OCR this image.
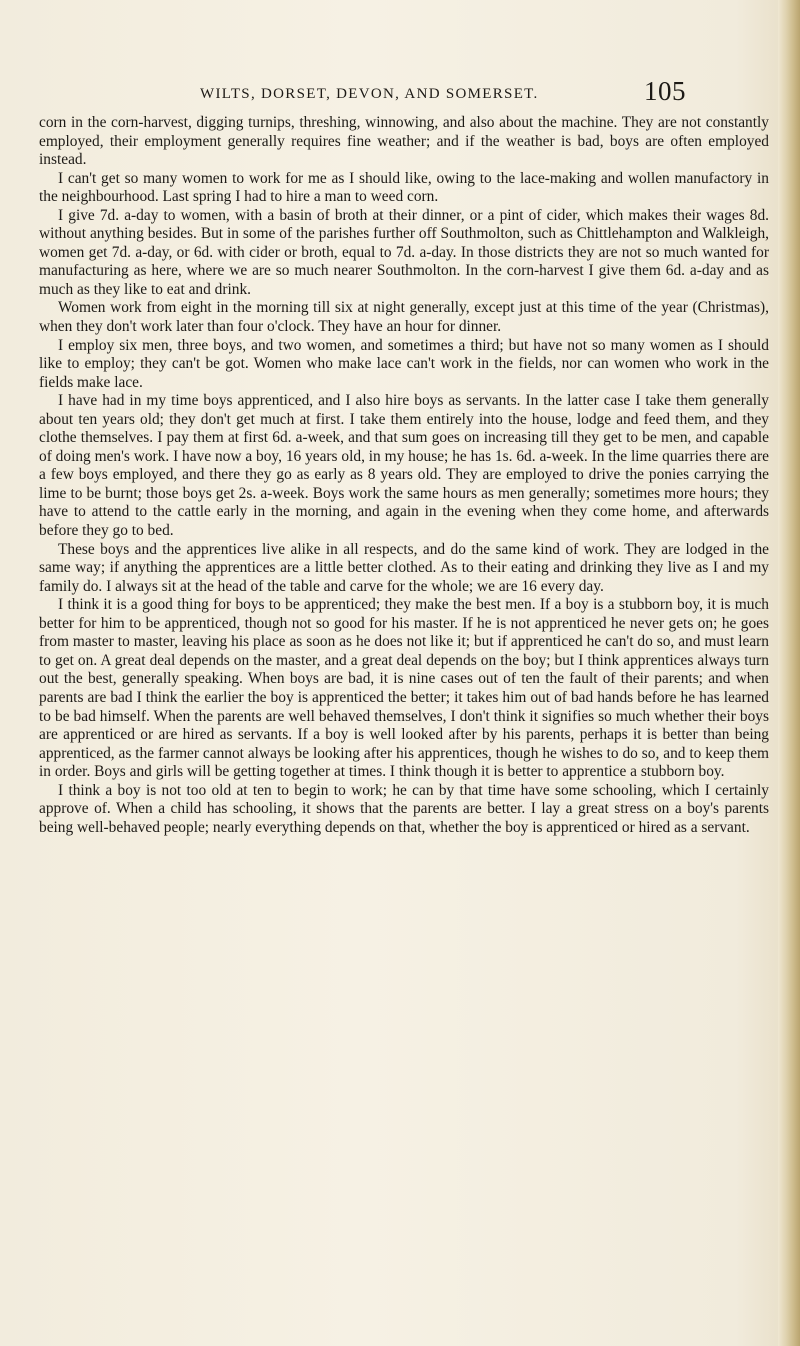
WILTS, DORSET, DEVON, AND SOMERSET.	105

corn in the corn-harvest, digging turnips, threshing, winnowing, and also about the machine. They are not constantly employed, their employment generally requires fine weather; and if the weather is bad, boys are often employed instead.

I can't get so many women to work for me as I should like, owing to the lace-making and wollen manufactory in the neighbourhood. Last spring I had to hire a man to weed corn.

I give 7d. a-day to women, with a basin of broth at their dinner, or a pint of cider, which makes their wages 8d. without anything besides. But in some of the parishes further off Southmolton, such as Chittlehampton and Walkleigh, women get 7d. a-day, or 6d. with cider or broth, equal to 7d. a-day. In those districts they are not so much wanted for manufacturing as here, where we are so much nearer Southmolton. In the corn-harvest I give them 6d. a-day and as much as they like to eat and drink.

Women work from eight in the morning till six at night generally, except just at this time of the year (Christmas), when they don't work later than four o'clock. They have an hour for dinner.

I employ six men, three boys, and two women, and sometimes a third; but have not so many women as I should like to employ; they can't be got. Women who make lace can't work in the fields, nor can women who work in the fields make lace.

I have had in my time boys apprenticed, and I also hire boys as servants. In the latter case I take them generally about ten years old; they don't get much at first. I take them entirely into the house, lodge and feed them, and they clothe themselves. I pay them at first 6d. a-week, and that sum goes on increasing till they get to be men, and capable of doing men's work. I have now a boy, 16 years old, in my house; he has 1s. 6d. a-week. In the lime quarries there are a few boys employed, and there they go as early as 8 years old. They are employed to drive the ponies carrying the lime to be burnt; those boys get 2s. a-week. Boys work the same hours as men generally; sometimes more hours; they have to attend to the cattle early in the morning, and again in the evening when they come home, and afterwards before they go to bed.

These boys and the apprentices live alike in all respects, and do the same kind of work. They are lodged in the same way; if anything the apprentices are a little better clothed. As to their eating and drinking they live as I and my family do. I always sit at the head of the table and carve for the whole; we are 16 every day.

I think it is a good thing for boys to be apprenticed; they make the best men. If a boy is a stubborn boy, it is much better for him to be apprenticed, though not so good for his master. If he is not apprenticed he never gets on; he goes from master to master, leaving his place as soon as he does not like it; but if apprenticed he can't do so, and must learn to get on. A great deal depends on the master, and a great deal depends on the boy; but I think apprentices always turn out the best, generally speaking. When boys are bad, it is nine cases out of ten the fault of their parents; and when parents are bad I think the earlier the boy is apprenticed the better; it takes him out of bad hands before he has learned to be bad himself. When the parents are well behaved themselves, I don't think it signifies so much whether their boys are apprenticed or are hired as servants. If a boy is well looked after by his parents, perhaps it is better than being apprenticed, as the farmer cannot always be looking after his apprentices, though he wishes to do so, and to keep them in order. Boys and girls will be getting together at times. I think though it is better to apprentice a stubborn boy.

I think a boy is not too old at ten to begin to work; he can by that time have some schooling, which I certainly approve of. When a child has schooling, it shows that the parents are better. I lay a great stress on a boy's parents being well-behaved people; nearly everything depends on that, whether the boy is apprenticed or hired as a servant.
